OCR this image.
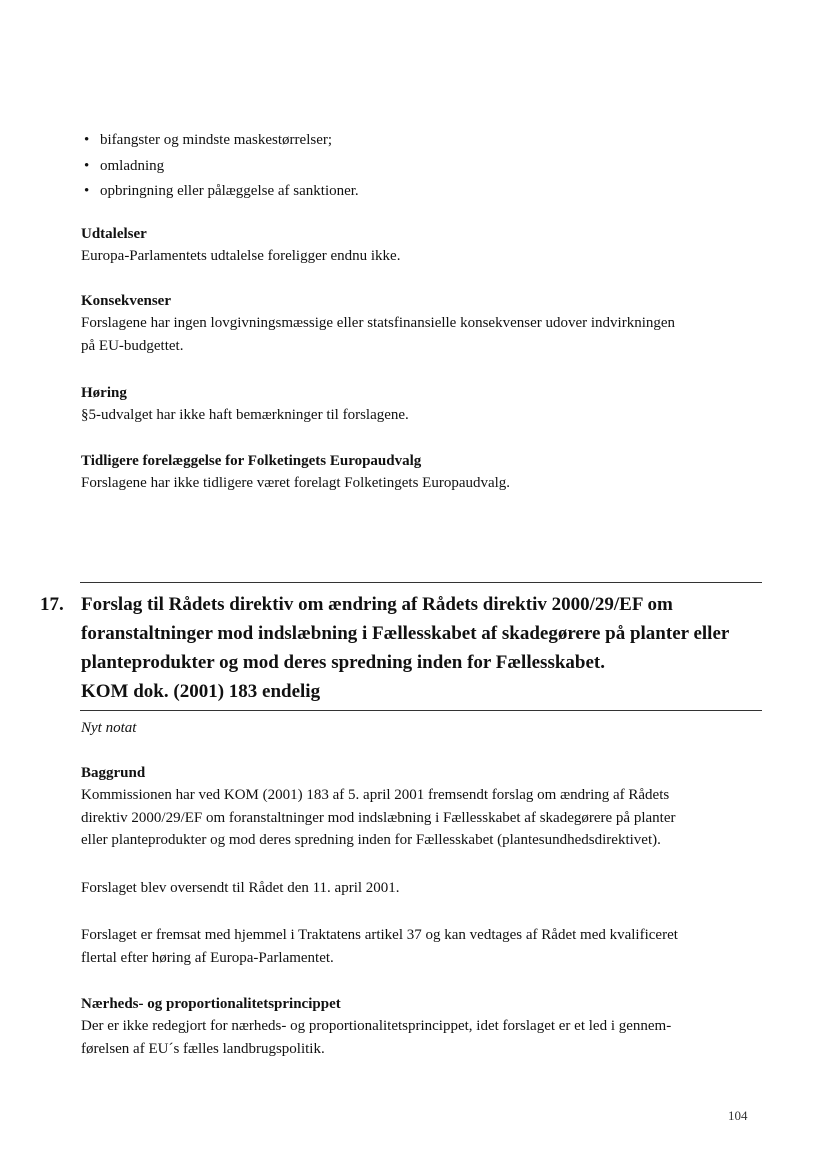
• bifangster og mindste maskestørrelser;
• omladning
• opbringning eller pålæggelse af sanktioner.
Udtalelser
Europa-Parlamentets udtalelse foreligger endnu ikke.
Konsekvenser
Forslagene har ingen lovgivningsmæssige eller statsfinansielle konsekvenser udover indvirkningen
på EU-budgettet.
Høring
§5-udvalget har ikke haft bemærkninger til forslagene.
Tidligere forelæggelse for Folketingets Europaudvalg
Forslagene har ikke tidligere været forelagt Folketingets Europaudvalg.
17. Forslag til Rådets direktiv om ændring af Rådets direktiv 2000/29/EF om
foranstaltninger mod indslæbning i Fællesskabet af skadegørere på planter eller
planteprodukter og mod deres spredning inden for Fællesskabet.
KOM dok. (2001) 183 endelig
Nyt notat
Baggrund
Kommissionen har ved KOM (2001) 183 af 5. april 2001 fremsendt forslag om ændring af Rådets
direktiv 2000/29/EF om foranstaltninger mod indslæbning i Fællesskabet af skadegørere på planter
eller planteprodukter og mod deres spredning inden for Fællesskabet (plantesundhedsdirektivet).
Forslaget blev oversendt til Rådet den 11. april 2001.
Forslaget er fremsat med hjemmel i Traktatens artikel 37 og kan vedtages af Rådet med kvalificeret
flertal efter høring af Europa-Parlamentet.
Nærheds- og proportionalitetsprincippet
Der er ikke redegjort for nærheds- og proportionalitetsprincippet, idet forslaget er et led i gennem-
førelsen af EU´s fælles landbrugspolitik.
104
